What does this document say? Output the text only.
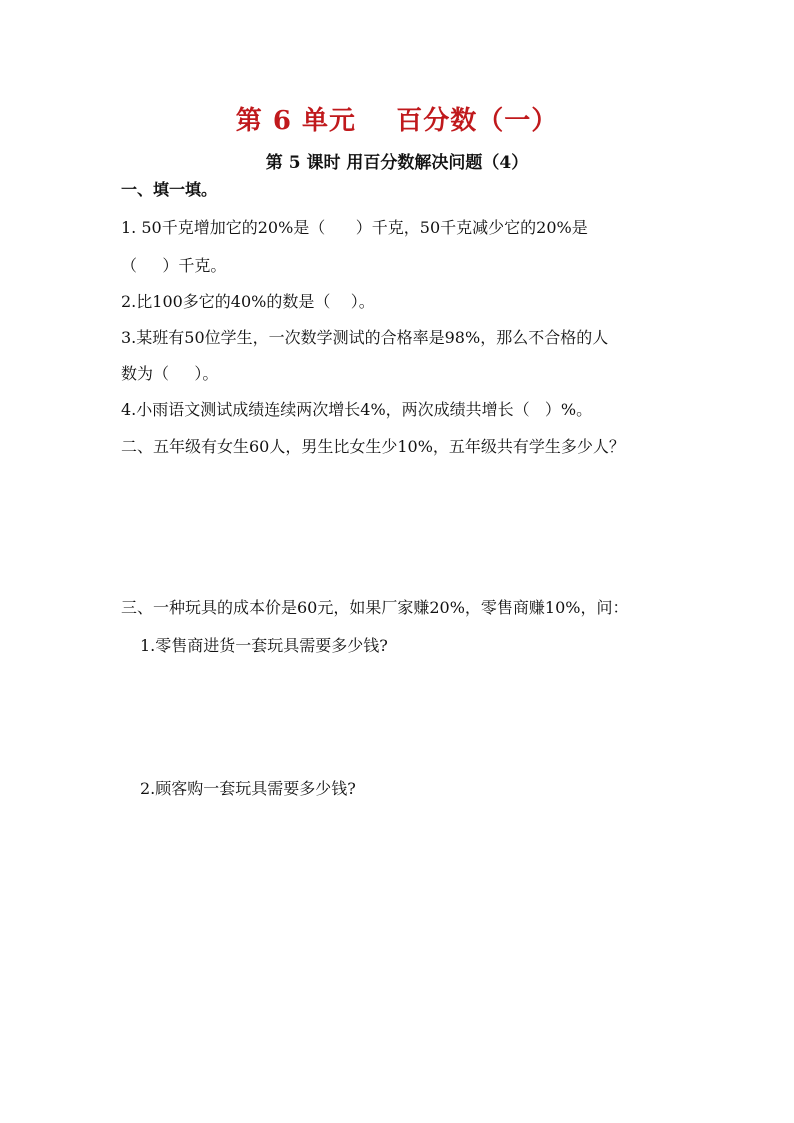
第 6 单元    百分数（一）
第 5 课时 用百分数解决问题（4）
一、填一填。
1. 50千克增加它的20%是（      ）千克，50千克减少它的20%是
（     ）千克。
2.比100多它的40%的数是（    ）。
3.某班有50位学生，一次数学测试的合格率是98%，那么不合格的人
数为（     ）。
4.小雨语文测试成绩连续两次增长4%，两次成绩共增长（   ）%。
二、五年级有女生60人，男生比女生少10%，五年级共有学生多少人？
三、一种玩具的成本价是60元，如果厂家赚20%，零售商赚10%，问：
1.零售商进货一套玩具需要多少钱?
2.顾客购一套玩具需要多少钱?
